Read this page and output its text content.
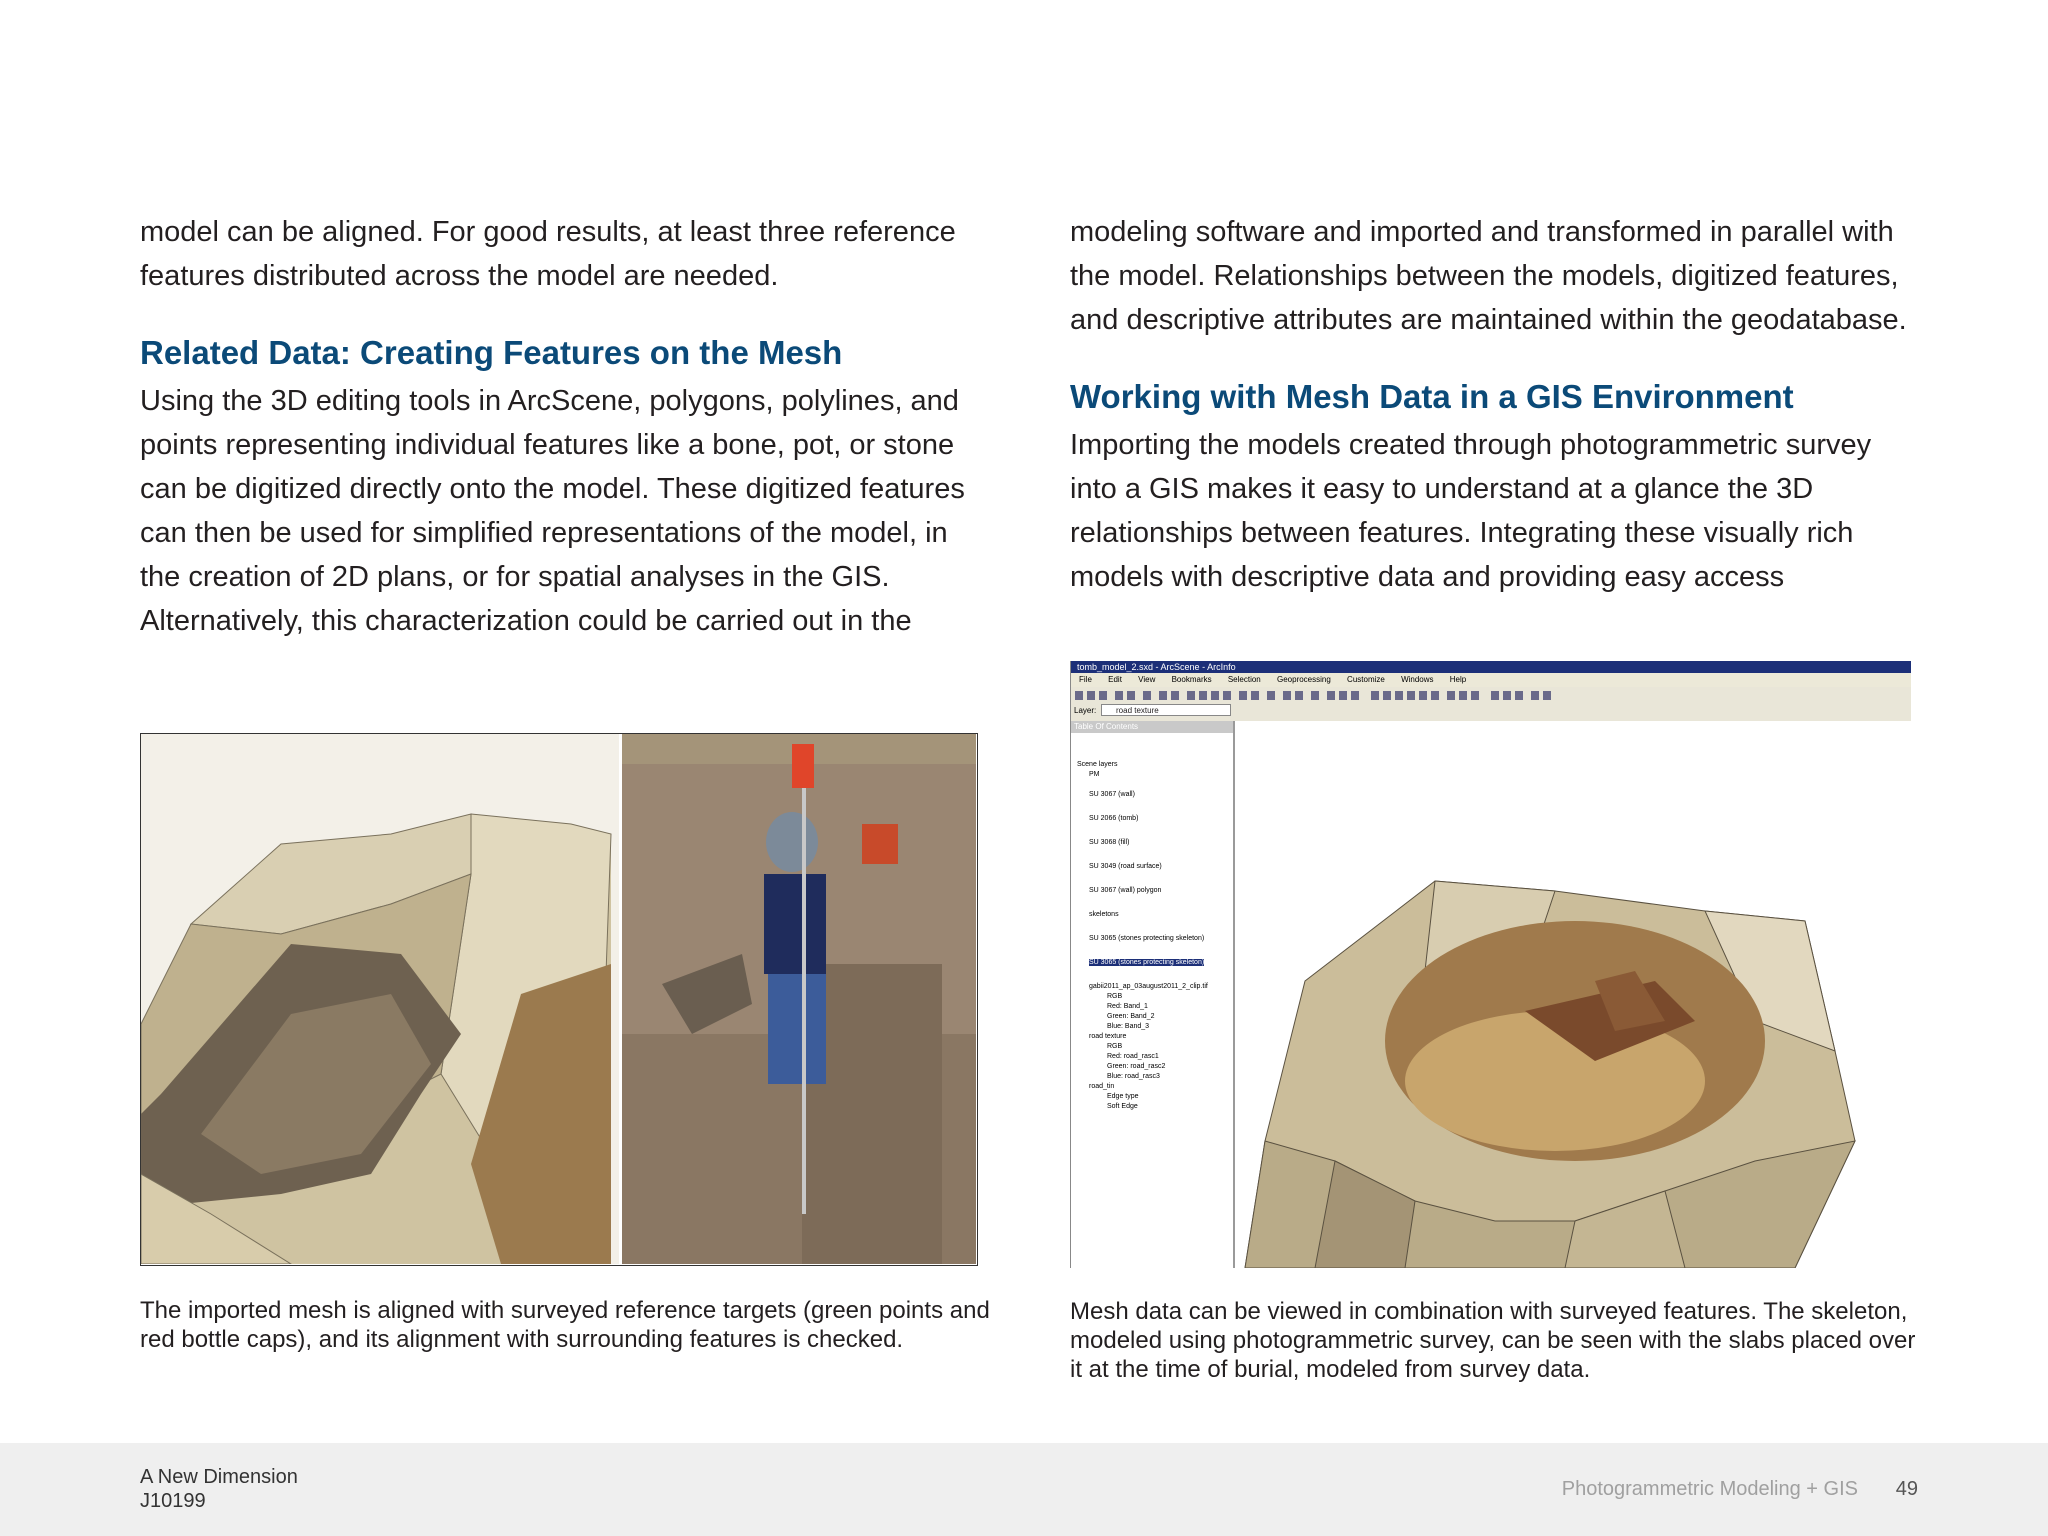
model can be aligned. For good results, at least three reference features distributed across the model are needed.

Related Data: Creating Features on the Mesh

Using the 3D editing tools in ArcScene, polygons, polylines, and points representing individual features like a bone, pot, or stone can be digitized directly onto the model. These digitized features can then be used for simplified representations of the model, in the creation of 2D plans, or for spatial analyses in the GIS. Alternatively, this characterization could be carried out in the

modeling software and imported and transformed in parallel with the model. Relationships between the models, digitized features, and descriptive attributes are maintained within the geodatabase.

Working with Mesh Data in a GIS Environment

Importing the models created through photogrammetric survey into a GIS makes it easy to understand at a glance the 3D relationships between features. Integrating these visually rich models with descriptive data and providing easy access

The imported mesh is aligned with surveyed reference targets (green points and red bottle caps), and its alignment with surrounding features is checked.

tomb_model_2.sxd - ArcScene - ArcInfo
File Edit View Bookmarks Selection Geoprocessing Customize Windows Help
Layer:	road texture
Table Of Contents
Scene layers
PM
SU 3067 (wall)
SU 2066 (tomb)
SU 3068 (fill)
SU 3049 (road surface)
SU 3067 (wall) polygon
skeletons
SU 3065 (stones protecting skeleton)
SU 3065 (stones protecting skeleton)
gabii2011_ap_03august2011_2_clip.tif
RGB
Red: Band_1
Green: Band_2
Blue: Band_3
road texture
RGB
Red: road_rasc1
Green: road_rasc2
Blue: road_rasc3
road_tin
Edge type
Soft Edge

Mesh data can be viewed in combination with surveyed features. The skeleton, modeled using photogrammetric survey, can be seen with the slabs placed over it at the time of burial, modeled from survey data.

A New Dimension
J10199
Photogrammetric Modeling + GIS 49
